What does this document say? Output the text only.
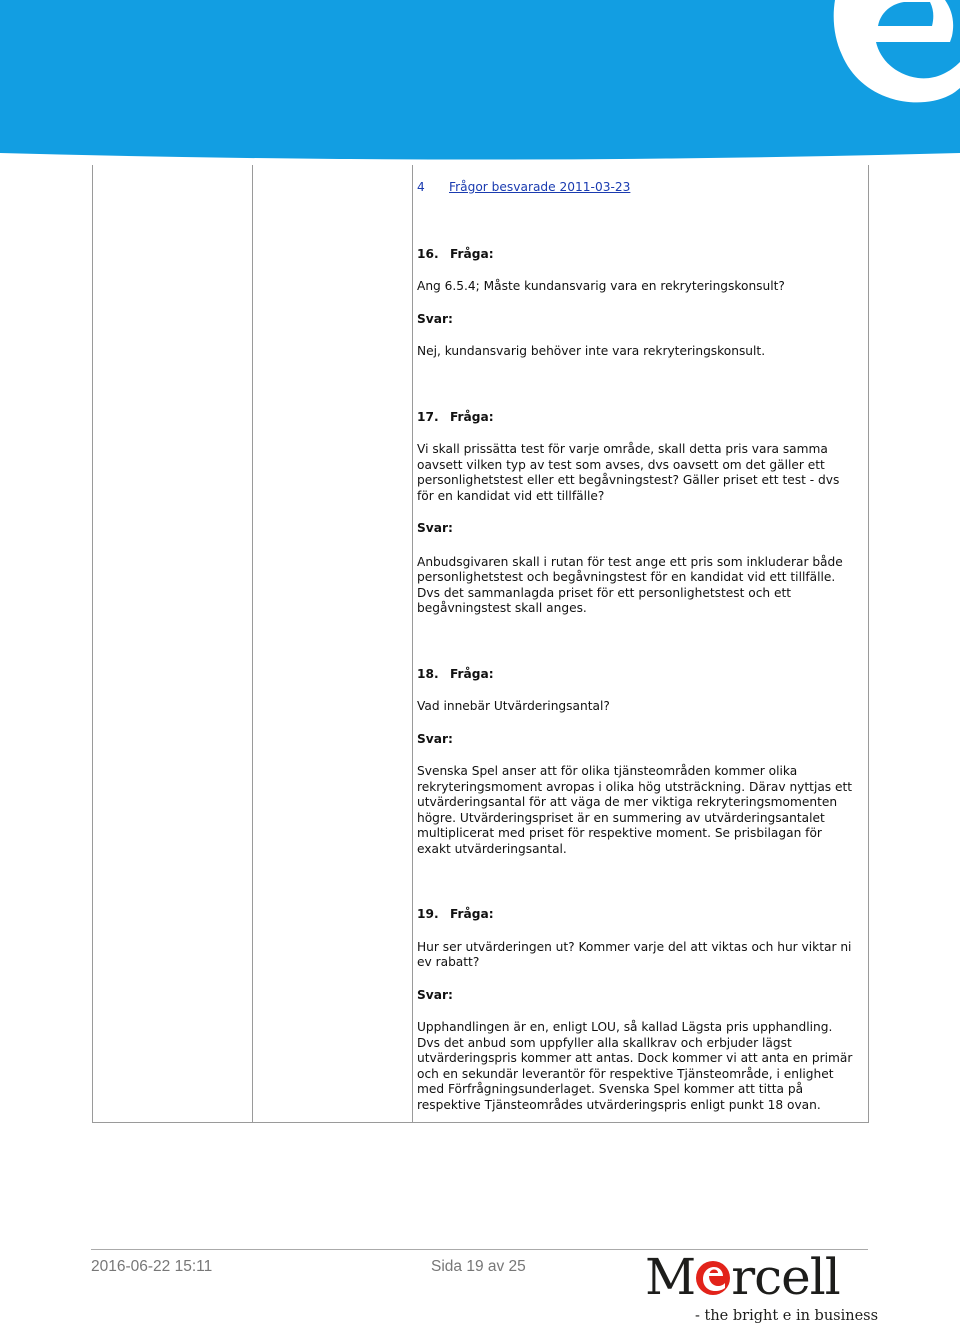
4 Frågor besvarade 2011-03-23

16. Fråga:

Ang 6.5.4; Måste kundansvarig vara en rekryteringskonsult?

Svar:

Nej, kundansvarig behöver inte vara rekryteringskonsult.

17. Fråga:

Vi skall prissätta test för varje område, skall detta pris vara samma oavsett vilken typ av test som avses, dvs oavsett om det gäller ett personlighetstest eller ett begåvningstest? Gäller priset ett test - dvs för en kandidat vid ett tillfälle?

Svar:

Anbudsgivaren skall i rutan för test ange ett pris som inkluderar både personlighetstest och begåvningstest för en kandidat vid ett tillfälle. Dvs det sammanlagda priset för ett personlighetstest och ett begåvningstest skall anges.

18. Fråga:

Vad innebär Utvärderingsantal?

Svar:

Svenska Spel anser att för olika tjänsteområden kommer olika rekryteringsmoment avropas i olika hög utsträckning. Därav nyttjas ett utvärderingsantal för att väga de mer viktiga rekryteringsmomenten högre. Utvärderingspriset är en summering av utvärderingsantalet multiplicerat med priset för respektive moment. Se prisbilagan för exakt utvärderingsantal.

19. Fråga:

Hur ser utvärderingen ut? Kommer varje del att viktas och hur viktar ni ev rabatt?

Svar:

Upphandlingen är en, enligt LOU, så kallad Lägsta pris upphandling. Dvs det anbud som uppfyller alla skallkrav och erbjuder lägst utvärderingspris kommer att antas. Dock kommer vi att anta en primär och en sekundär leverantör för respektive Tjänsteområde, i enlighet med Förfrågningsunderlaget. Svenska Spel kommer att titta på respektive Tjänsteområdes utvärderingspris enligt punkt 18 ovan.

2016-06-22 15:11	Sida 19 av 25 M rcell
- the bright e in business
